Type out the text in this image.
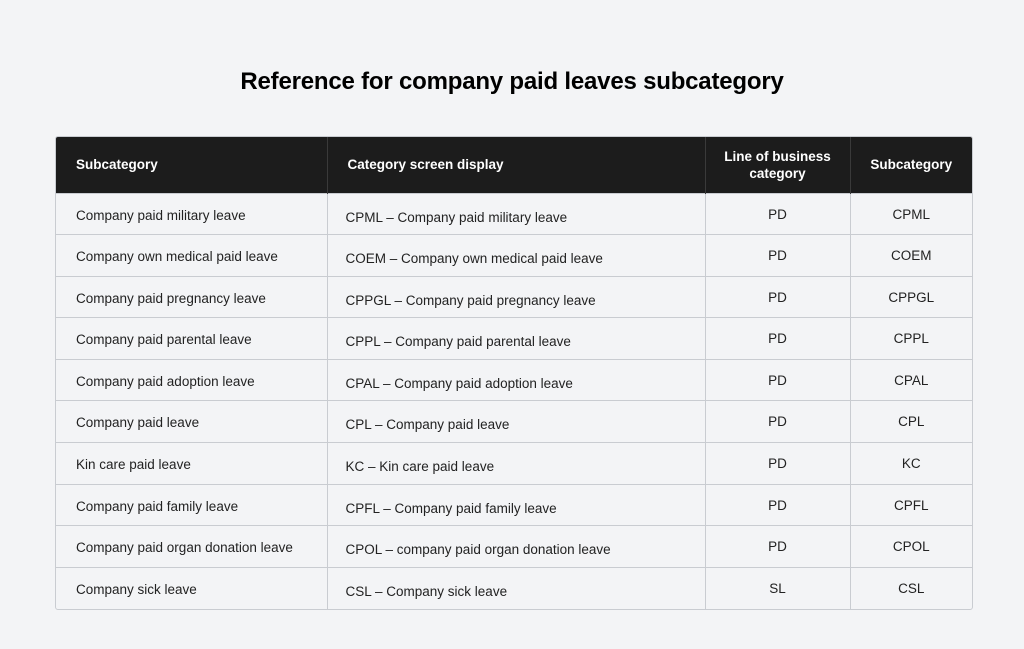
Reference for company paid leaves subcategory
Subcategory	Category screen display	Line of business category	Subcategory
Company paid military leave	CPML – Company paid military leave	PD	CPML
Company own medical paid leave	COEM – Company own medical paid leave	PD	COEM
Company paid pregnancy leave	CPPGL – Company paid pregnancy leave	PD	CPPGL
Company paid parental leave	CPPL – Company paid parental leave	PD	CPPL
Company paid adoption leave	CPAL – Company paid adoption leave	PD	CPAL
Company paid leave	CPL – Company paid leave	PD	CPL
Kin care paid leave	KC – Kin care paid leave	PD	KC
Company paid family leave	CPFL – Company paid family leave	PD	CPFL
Company paid organ donation leave	CPOL – company paid organ donation leave	PD	CPOL
Company sick leave	CSL – Company sick leave	SL	CSL
